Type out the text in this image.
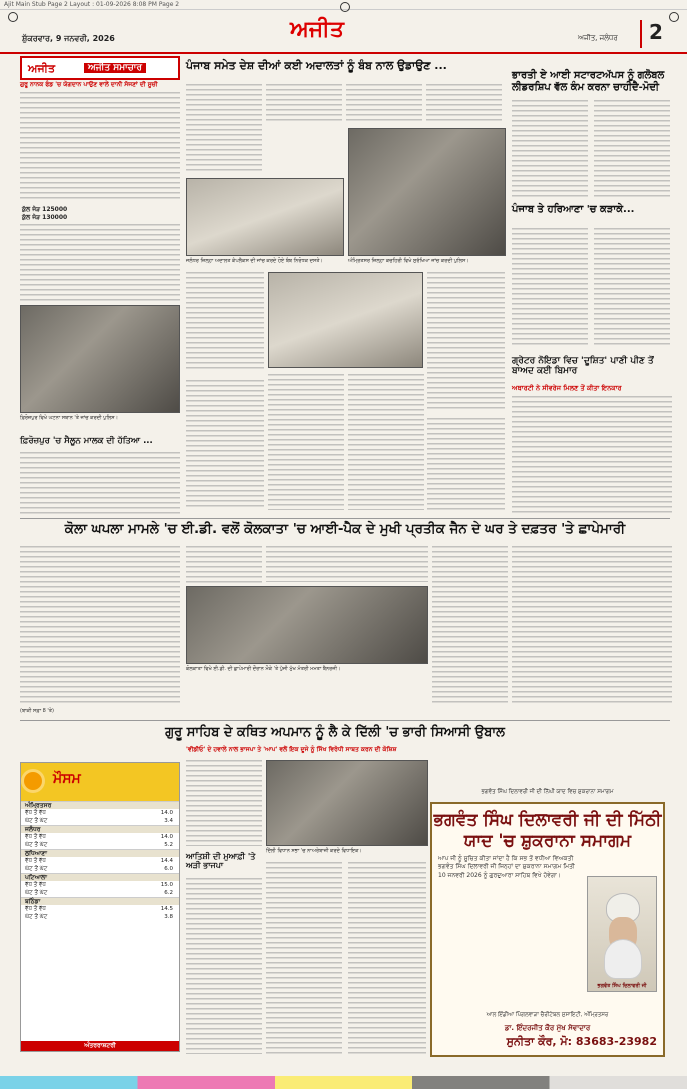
Ajit Main Stub Page 2 Layout : 01-09-2026 8:08 PM Page 2
ਸ਼ੁੱਕਰਵਾਰ, 9 ਜਨਵਰੀ, 2026	ਅਜੀਤ	ਅਜੀਤ, ਜਲੰਧਰ	2
ਅਜੀਤ	ਅਜੀਤ ਸਮਾਚਾਰ
ਗੁਰੂ ਨਾਨਕ ਫੰਡ 'ਚ ਯੋਗਦਾਨ ਪਾਉਣ ਵਾਲੇ ਦਾਨੀ ਸੱਜਣਾਂ ਦੀ ਸੂਚੀ
ਕੁੱਲ ਜੋੜ 125000
ਕੁੱਲ ਜੋੜ 130000
ਫ਼ਿਰੋਜ਼ਪੁਰ ਵਿਖੇ ਘਟਨਾ ਸਥਾਨ 'ਤੇ ਜਾਂਚ ਕਰਦੀ ਪੁਲਿਸ।
ਫ਼ਿਰੋਜ਼ਪੁਰ 'ਚ ਸੈਲੂਨ ਮਾਲਕ ਦੀ ਹੱਤਿਆ ...
ਪੰਜਾਬ ਸਮੇਤ ਦੇਸ਼ ਦੀਆਂ ਕਈ ਅਦਾਲਤਾਂ ਨੂੰ ਬੰਬ ਨਾਲ ਉਡਾਉਣ ...
ਜਲੰਧਰ ਜ਼ਿਲ੍ਹਾ ਅਦਾਲਤ ਕੰਪਲੈਕਸ ਦੀ ਜਾਂਚ ਕਰਦੇ ਹੋਏ ਬੰਬ ਨਿਰੋਧਕ ਦਸਤੇ।	ਅੰਮ੍ਰਿਤਸਰ ਜ਼ਿਲ੍ਹਾ ਕਚਹਿਰੀ ਵਿਖੇ ਸੁਰੱਖਿਆ ਜਾਂਚ ਕਰਦੀ ਪੁਲਿਸ।
ਭਾਰਤੀ ਏ ਆਈ ਸਟਾਰਟਅੱਪਸ ਨੂੰ ਗਲੋਬਲ ਲੀਡਰਸ਼ਿਪ ਵੱਲ ਕੰਮ ਕਰਨਾ ਚਾਹੀਦੈ-ਮੋਦੀ
ਪੰਜਾਬ ਤੇ ਹਰਿਆਣਾ 'ਚ ਕੜਾਕੇ...
ਗ੍ਰੇਟਰ ਨੋਇਡਾ ਵਿਚ 'ਦੂਸ਼ਿਤ' ਪਾਣੀ ਪੀਣ ਤੋਂ ਬਾਅਦ ਕਈ ਬਿਮਾਰ
ਅਥਾਰਟੀ ਨੇ ਸੀਵਰੇਜ ਮਿਲਣ ਤੋਂ ਕੀਤਾ ਇਨਕਾਰ
ਕੋਲਾ ਘਪਲਾ ਮਾਮਲੇ 'ਚ ਈ.ਡੀ. ਵਲੋਂ ਕੋਲਕਾਤਾ 'ਚ ਆਈ-ਪੈਕ ਦੇ ਮੁਖੀ ਪ੍ਰਤੀਕ ਜੈਨ ਦੇ ਘਰ ਤੇ ਦਫ਼ਤਰ 'ਤੇ ਛਾਪੇਮਾਰੀ
ਕੋਲਕਾਤਾ ਵਿਖੇ ਈ.ਡੀ. ਦੀ ਛਾਪੇਮਾਰੀ ਦੌਰਾਨ ਮੌਕੇ 'ਤੇ ਪੁੱਜੀ ਮੁੱਖ ਮੰਤਰੀ ਮਮਤਾ ਬੈਨਰਜੀ।
(ਬਾਕੀ ਸਫ਼ਾ 8 'ਤੇ)
ਗੁਰੂ ਸਾਹਿਬ ਦੇ ਕਥਿਤ ਅਪਮਾਨ ਨੂੰ ਲੈ ਕੇ ਦਿੱਲੀ 'ਚ ਭਾਰੀ ਸਿਆਸੀ ਉਬਾਲ
'ਵੀਡੀਓ' ਦੇ ਹਵਾਲੇ ਨਾਲ ਭਾਜਪਾ ਤੇ 'ਆਪ' ਵਲੋਂ ਇਕ ਦੂਜੇ ਨੂੰ ਸਿੱਖ ਵਿਰੋਧੀ ਸਾਬਤ ਕਰਨ ਦੀ ਕੋਸ਼ਿਸ਼
ਦਿੱਲੀ ਵਿਧਾਨ ਸਭਾ 'ਚ ਨਾਅਰੇਬਾਜ਼ੀ ਕਰਦੇ ਵਿਧਾਇਕ।
ਆਤਿਸ਼ੀ ਦੀ ਮੁਆਫ਼ੀ 'ਤੇ ਅੜੀ ਭਾਜਪਾ
ਮੌਸਮ
ਅੰਮ੍ਰਿਤਸਰ
ਵੱਧ ਤੋਂ ਵੱਧ	14.0
ਘੱਟ ਤੋਂ ਘੱਟ	3.4
ਜਲੰਧਰ
ਵੱਧ ਤੋਂ ਵੱਧ	14.0
ਘੱਟ ਤੋਂ ਘੱਟ	5.2
ਲੁਧਿਆਣਾ
ਵੱਧ ਤੋਂ ਵੱਧ	14.4
ਘੱਟ ਤੋਂ ਘੱਟ	6.0
ਪਟਿਆਲਾ
ਵੱਧ ਤੋਂ ਵੱਧ	15.0
ਘੱਟ ਤੋਂ ਘੱਟ	6.2
ਬਠਿੰਡਾ
ਵੱਧ ਤੋਂ ਵੱਧ	14.5
ਘੱਟ ਤੋਂ ਘੱਟ	3.8
ਅੰਤਰਰਾਸ਼ਟਰੀ
ਭਗਵੰਤ ਸਿੰਘ ਦਿਲਾਵਰੀ ਜੀ ਦੀ ਨਿੱਘੀ ਯਾਦ ਵਿਚ ਸ਼ੁਕਰਾਨਾ ਸਮਾਗਮ
ਭਗਵੰਤ ਸਿੰਘ ਦਿਲਾਵਰੀ ਜੀ ਦੀ ਮਿੱਠੀ ਯਾਦ 'ਚ ਸ਼ੁਕਰਾਨਾ ਸਮਾਗਮ
ਆਪ ਜੀ ਨੂੰ ਸੂਚਿਤ ਕੀਤਾ ਜਾਂਦਾ ਹੈ ਕਿ ਸਭ ਤੋਂ ਵਧੀਆ ਵਿਅਕਤੀ ਭਗਵੰਤ ਸਿੰਘ ਦਿਲਾਵਰੀ ਜੀ ਜਿਨ੍ਹਾਂ ਦਾ ਸ਼ੁਕਰਾਨਾ ਸਮਾਗਮ ਮਿਤੀ 10 ਜਨਵਰੀ 2026 ਨੂੰ ਗੁਰਦੁਆਰਾ ਸਾਹਿਬ ਵਿਖੇ ਹੋਵੇਗਾ।
ਭਗਵੰਤ ਸਿੰਘ ਦਿਲਾਵਰੀ ਜੀ
ਆਲ ਇੰਡੀਆ ਪਿੰਗਲਵਾੜਾ ਚੈਰੀਟੇਬਲ ਸੁਸਾਇਟੀ, ਅੰਮ੍ਰਿਤਸਰ
ਡਾ. ਇੰਦਰਜੀਤ ਕੌਰ ਮੁੱਖ ਸੇਵਾਦਾਰ
ਸੁਨੀਤਾ ਕੌਰ, ਮੋ: 83683-23982
